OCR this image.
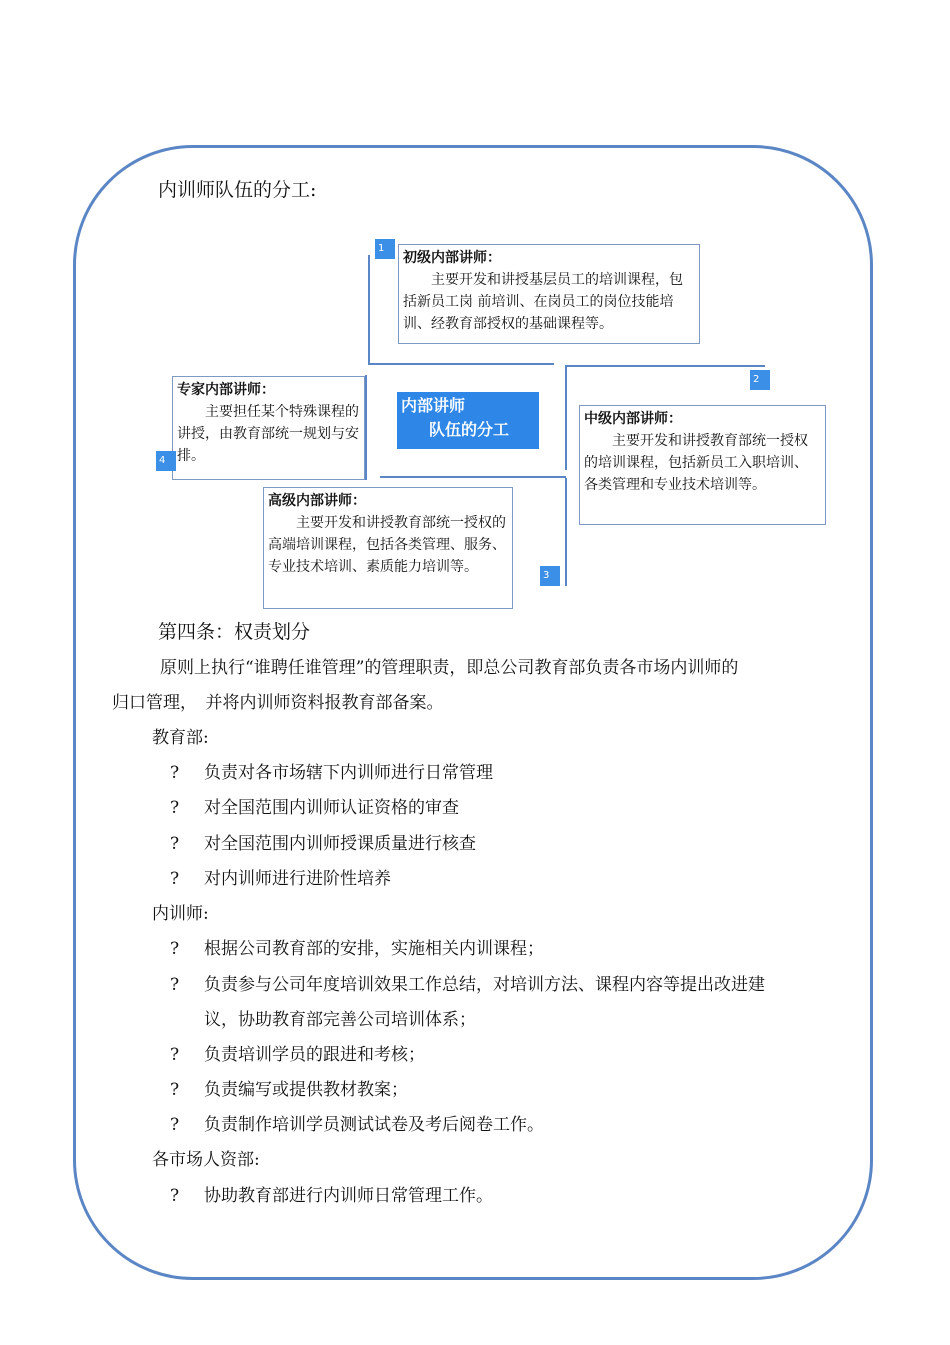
内训师队伍的分工:
内部讲师
队伍的分工
初级内部讲师：
主要开发和讲授基层员工的培训课程，包括新员工岗 前培训、在岗员工的岗位技能培训、经教育部授权的基础课程等。
1
中级内部讲师：
主要开发和讲授教育部统一授权的培训课程，包括新员工入职培训、各类管理和专业技术培训等。
2
高级内部讲师：
主要开发和讲授教育部统一授权的高端培训课程，包括各类管理、服务、专业技术培训、素质能力培训等。
3
专家内部讲师：
主要担任某个特殊课程的讲授，由教育部统一规划与安排。
4
第四条：权责划分
原则上执行“谁聘任谁管理”的管理职责，即总公司教育部负责各市场内训师的
归口管理，　并将内训师资料报教育部备案。
教育部:
? 负责对各市场辖下内训师进行日常管理
? 对全国范围内训师认证资格的审查
? 对全国范围内训师授课质量进行核查
? 对内训师进行进阶性培养
内训师:
? 根据公司教育部的安排，实施相关内训课程；
? 负责参与公司年度培训效果工作总结，对培训方法、课程内容等提出改进建
议，协助教育部完善公司培训体系；
? 负责培训学员的跟进和考核；
? 负责编写或提供教材教案；
? 负责制作培训学员测试试卷及考后阅卷工作。
各市场人资部:
? 协助教育部进行内训师日常管理工作。
